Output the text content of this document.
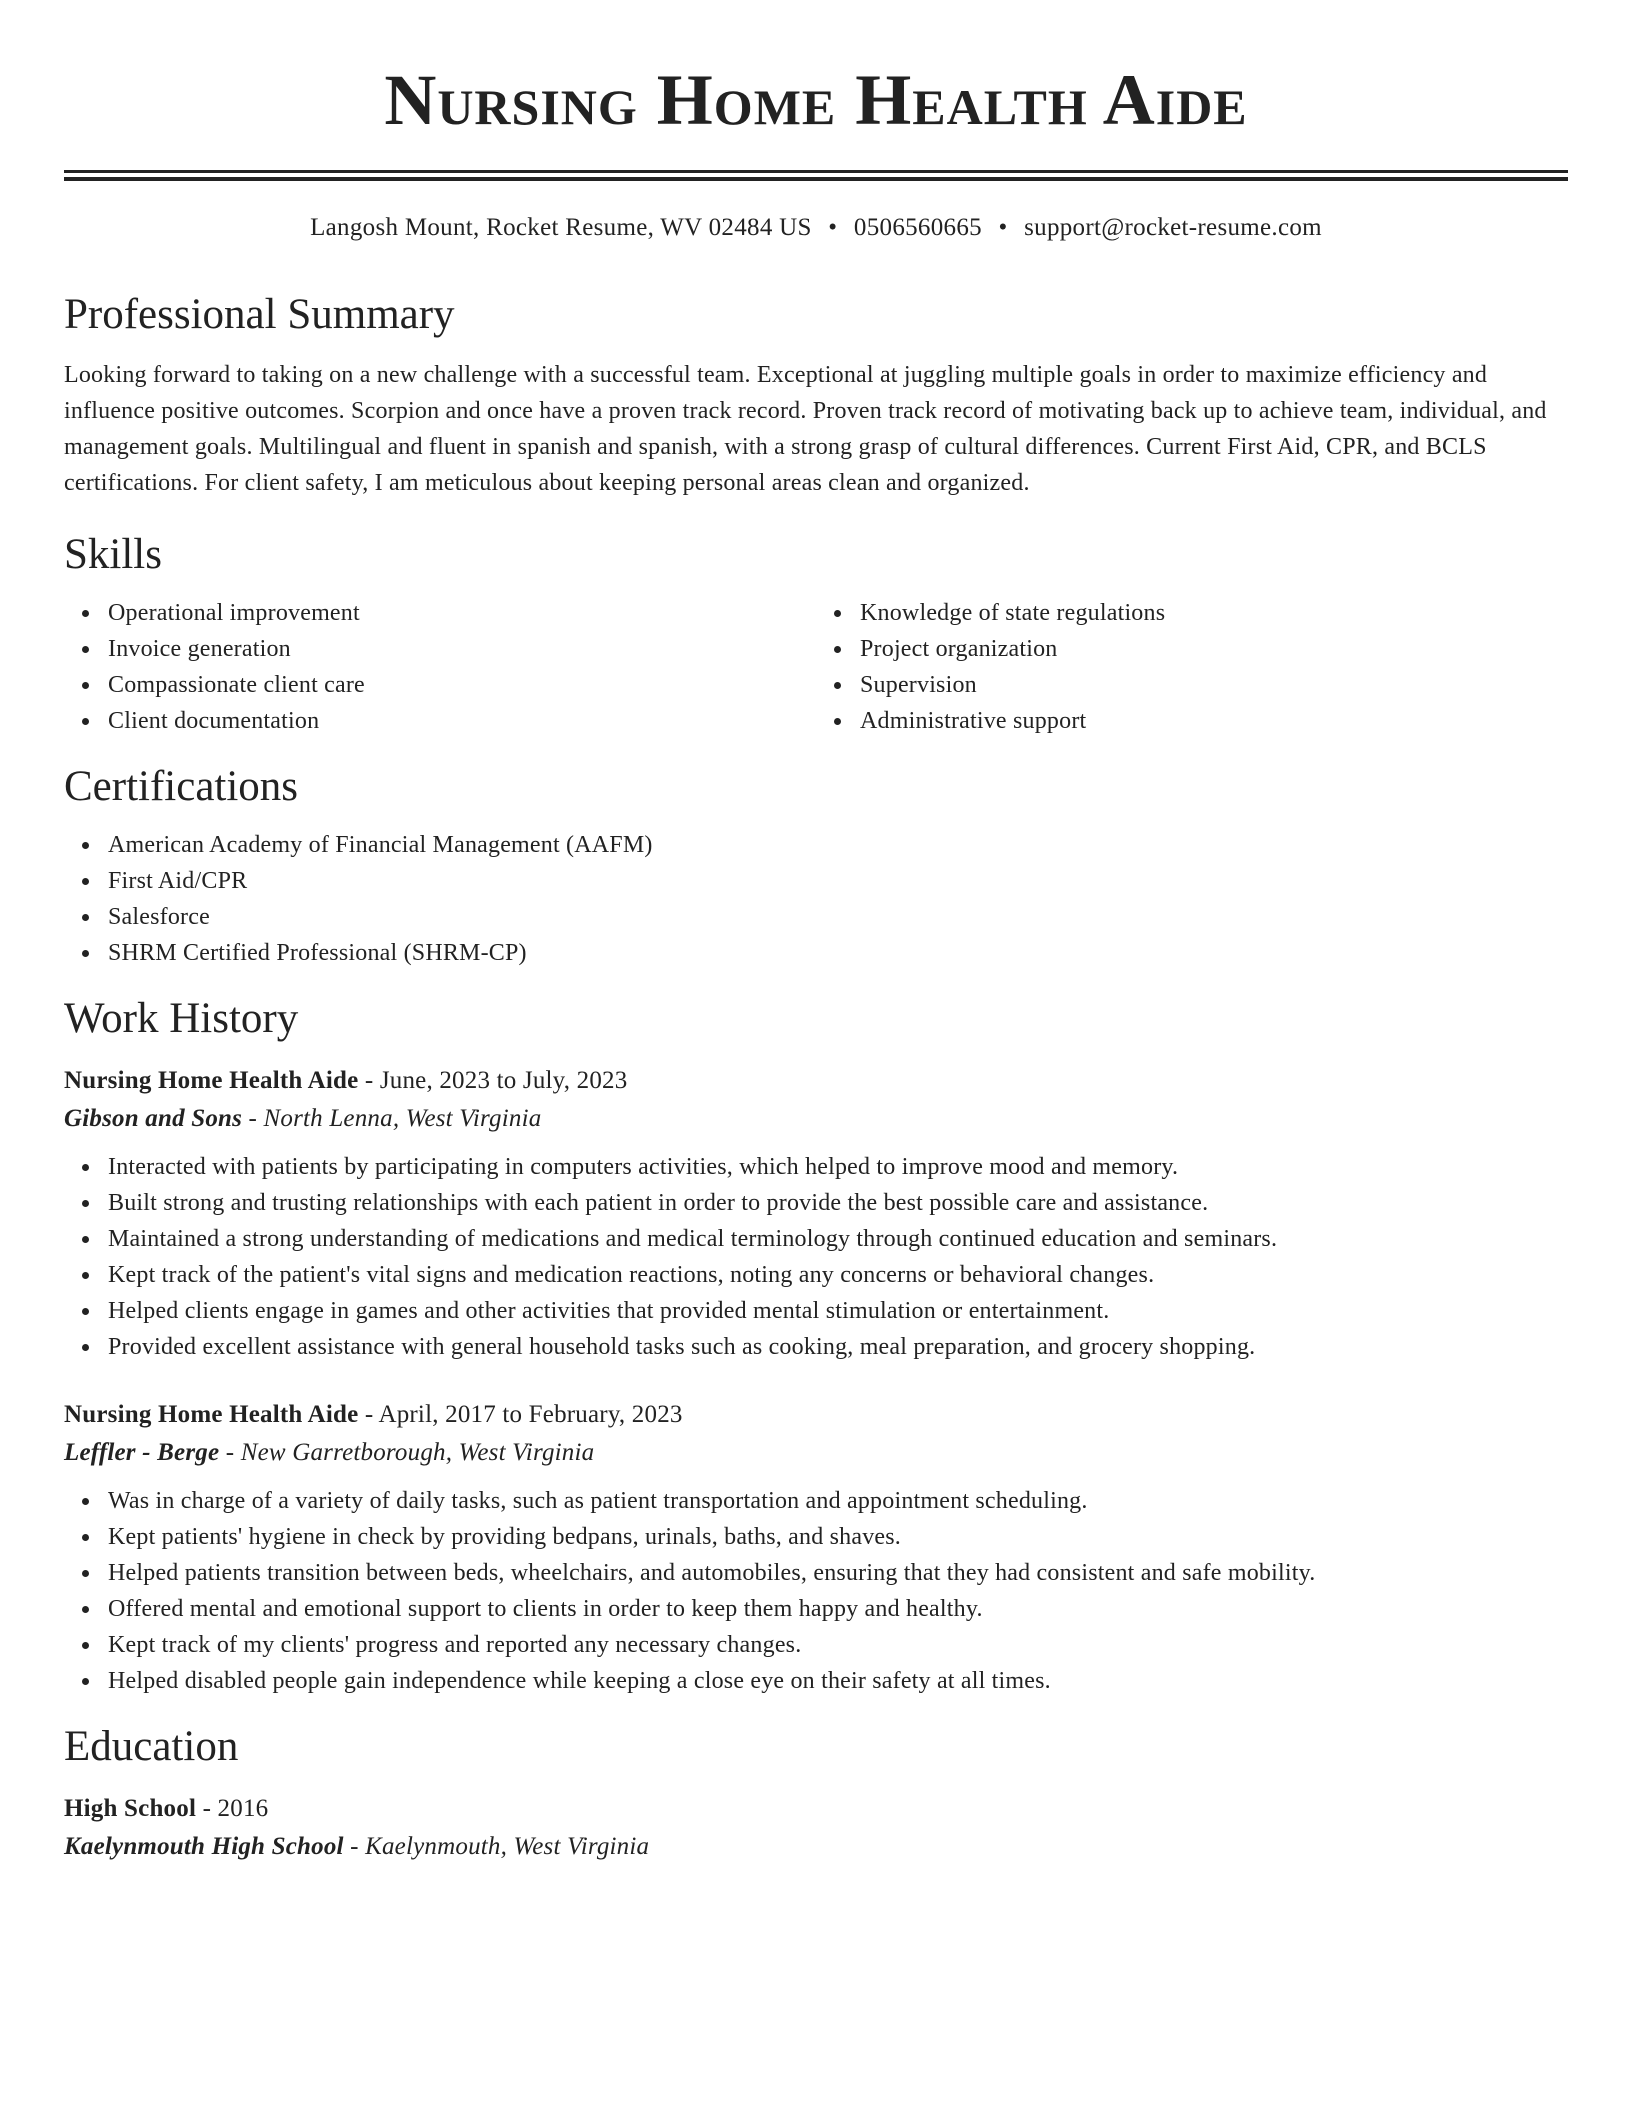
Nursing Home Health Aide
Langosh Mount, Rocket Resume, WV 02484 US • 0506560665 • support@rocket-resume.com
Professional Summary

Looking forward to taking on a new challenge with a successful team. Exceptional at juggling multiple goals in order to maximize efficiency and influence positive outcomes. Scorpion and once have a proven track record. Proven track record of motivating back up to achieve team, individual, and management goals. Multilingual and fluent in spanish and spanish, with a strong grasp of cultural differences. Current First Aid, CPR, and BCLS certifications. For client safety, I am meticulous about keeping personal areas clean and organized.

Skills
Operational improvement
Invoice generation
Compassionate client care
Client documentation
Knowledge of state regulations
Project organization
Supervision
Administrative support
Certifications
American Academy of Financial Management (AAFM)
First Aid/CPR
Salesforce
SHRM Certified Professional (SHRM-CP)
Work History
Nursing Home Health Aide - June, 2023 to July, 2023
Gibson and Sons - North Lenna, West Virginia
Interacted with patients by participating in computers activities, which helped to improve mood and memory.
Built strong and trusting relationships with each patient in order to provide the best possible care and assistance.
Maintained a strong understanding of medications and medical terminology through continued education and seminars.
Kept track of the patient's vital signs and medication reactions, noting any concerns or behavioral changes.
Helped clients engage in games and other activities that provided mental stimulation or entertainment.
Provided excellent assistance with general household tasks such as cooking, meal preparation, and grocery shopping.
Nursing Home Health Aide - April, 2017 to February, 2023
Leffler - Berge - New Garretborough, West Virginia
Was in charge of a variety of daily tasks, such as patient transportation and appointment scheduling.
Kept patients' hygiene in check by providing bedpans, urinals, baths, and shaves.
Helped patients transition between beds, wheelchairs, and automobiles, ensuring that they had consistent and safe mobility.
Offered mental and emotional support to clients in order to keep them happy and healthy.
Kept track of my clients' progress and reported any necessary changes.
Helped disabled people gain independence while keeping a close eye on their safety at all times.
Education
High School - 2016
Kaelynmouth High School - Kaelynmouth, West Virginia
